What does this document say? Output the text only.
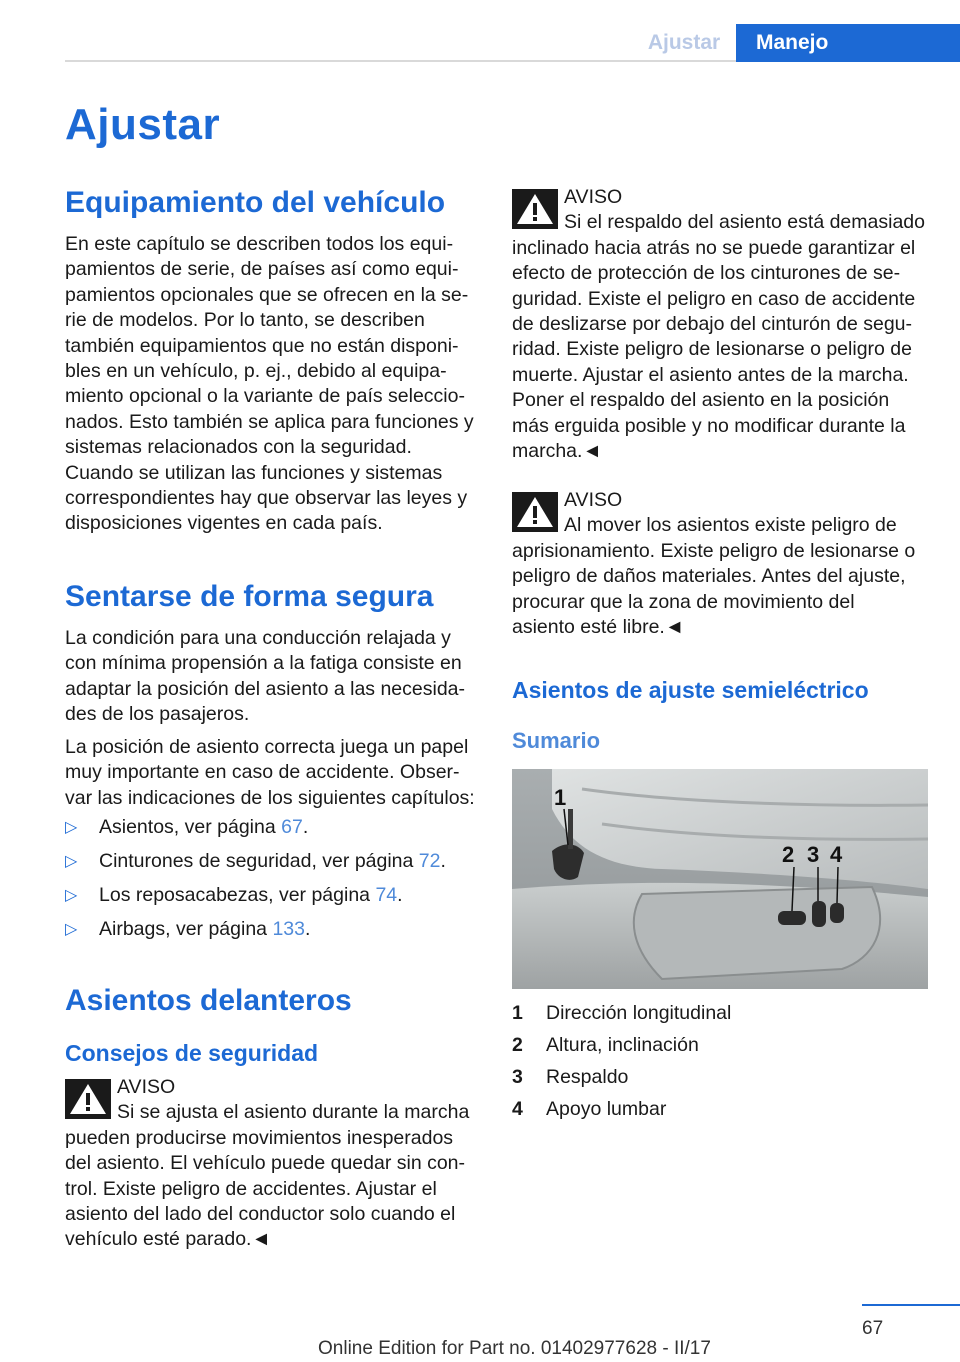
Ajustar	Manejo
Ajustar
Equipamiento del vehículo
En este capítulo se describen todos los equi-
pamientos de serie, de países así como equi-
pamientos opcionales que se ofrecen en la se-
rie de modelos. Por lo tanto, se describen
también equipamientos que no están disponi-
bles en un vehículo, p. ej., debido al equipa-
miento opcional o la variante de país seleccio-
nados. Esto también se aplica para funciones y
sistemas relacionados con la seguridad.
Cuando se utilizan las funciones y sistemas
correspondientes hay que observar las leyes y
disposiciones vigentes en cada país.
Sentarse de forma segura
La condición para una conducción relajada y
con mínima propensión a la fatiga consiste en
adaptar la posición del asiento a las necesida-
des de los pasajeros.
La posición de asiento correcta juega un papel
muy importante en caso de accidente. Obser-
var las indicaciones de los siguientes capítulos:
▷	Asientos, ver página 67.
▷	Cinturones de seguridad, ver página 72.
▷	Los reposacabezas, ver página 74.
▷	Airbags, ver página 133.
Asientos delanteros
Consejos de seguridad
AVISO
Si se ajusta el asiento durante la marcha
pueden producirse movimientos inesperados
del asiento. El vehículo puede quedar sin con-
trol. Existe peligro de accidentes. Ajustar el
asiento del lado del conductor solo cuando el
vehículo esté parado.◄
AVISO
Si el respaldo del asiento está demasiado
inclinado hacia atrás no se puede garantizar el
efecto de protección de los cinturones de se-
guridad. Existe el peligro en caso de accidente
de deslizarse por debajo del cinturón de segu-
ridad. Existe peligro de lesionarse o peligro de
muerte. Ajustar el asiento antes de la marcha.
Poner el respaldo del asiento en la posición
más erguida posible y no modificar durante la
marcha.◄
AVISO
Al mover los asientos existe peligro de
aprisionamiento. Existe peligro de lesionarse o
peligro de daños materiales. Antes del ajuste,
procurar que la zona de movimiento del
asiento esté libre.◄
Asientos de ajuste semieléctrico
Sumario
1
2 3 4
1	Dirección longitudinal
2	Altura, inclinación
3	Respaldo
4	Apoyo lumbar
67
Online Edition for Part no. 01402977628 - II/17
